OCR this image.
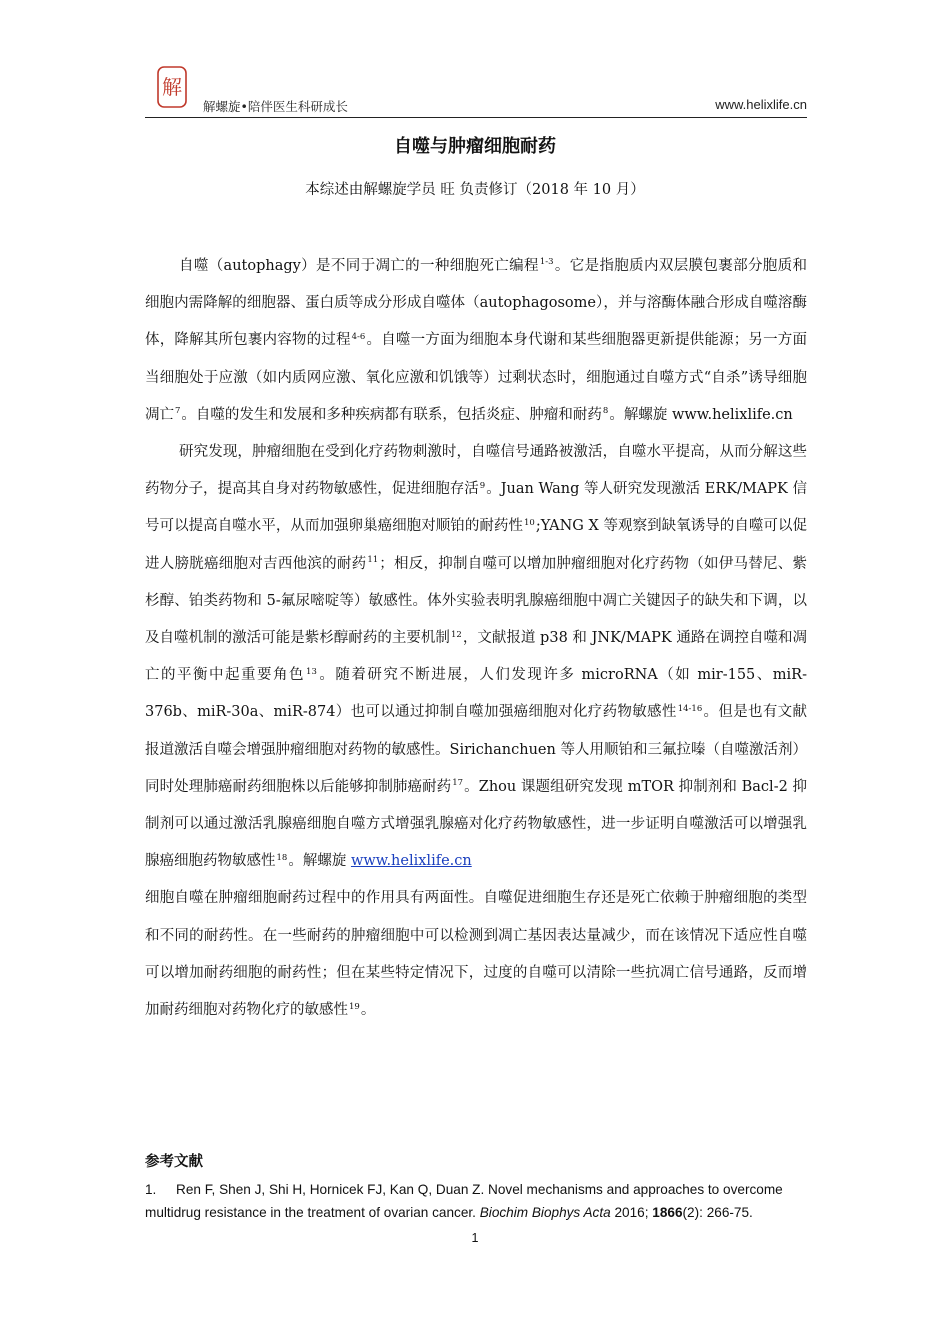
解
解螺旋•陪伴医生科研成长	www.helixlife.cn
自噬与肿瘤细胞耐药
本综述由解螺旋学员 旺 负责修订（2018 年 10 月）

自噬（autophagy）是不同于凋亡的一种细胞死亡编程$^{1-3}$。它是指胞质内双层膜包裹部分胞质和细胞内需降解的细胞器、蛋白质等成分形成自噬体（autophagosome），并与溶酶体融合形成自噬溶酶体，降解其所包裹内容物的过程$^{4-6}$。自噬一方面为细胞本身代谢和某些细胞器更新提供能源；另一方面当细胞处于应激（如内质网应激、氧化应激和饥饿等）过剩状态时，细胞通过自噬方式“自杀”诱导细胞凋亡$^7$。自噬的发生和发展和多种疾病都有联系，包括炎症、肿瘤和耐药$^8$。解螺旋 www.helixlife.cn

研究发现，肿瘤细胞在受到化疗药物刺激时，自噬信号通路被激活，自噬水平提高，从而分解这些药物分子，提高其自身对药物敏感性，促进细胞存活$^9$。Juan Wang 等人研究发现激活 ERK/MAPK 信号可以提高自噬水平，从而加强卵巢癌细胞对顺铂的耐药性$^{10}$;YANG X 等观察到缺氧诱导的自噬可以促进人膀胱癌细胞对吉西他滨的耐药$^{11}$；相反，抑制自噬可以增加肿瘤细胞对化疗药物（如伊马替尼、紫杉醇、铂类药物和 5-氟尿嘧啶等）敏感性。体外实验表明乳腺癌细胞中凋亡关键因子的缺失和下调，以及自噬机制的激活可能是紫杉醇耐药的主要机制$^{12}$，文献报道 p38 和 JNK/MAPK 通路在调控自噬和凋亡的平衡中起重要角色$^{13}$。随着研究不断进展，人们发现许多 microRNA（如 mir-155、miR-376b、miR-30a、miR-874）也可以通过抑制自噬加强癌细胞对化疗药物敏感性$^{14-16}$。但是也有文献报道激活自噬会增强肿瘤细胞对药物的敏感性。Sirichanchuen 等人用顺铂和三氟拉嗪（自噬激活剂）同时处理肺癌耐药细胞株以后能够抑制肺癌耐药$^{17}$。Zhou 课题组研究发现 mTOR 抑制剂和 Bacl-2 抑制剂可以通过激活乳腺癌细胞自噬方式增强乳腺癌对化疗药物敏感性，进一步证明自噬激活可以增强乳腺癌细胞药物敏感性$^{18}$。解螺旋 www.helixlife.cn

细胞自噬在肿瘤细胞耐药过程中的作用具有两面性。自噬促进细胞生存还是死亡依赖于肿瘤细胞的类型和不同的耐药性。在一些耐药的肿瘤细胞中可以检测到凋亡基因表达量减少，而在该情况下适应性自噬可以增加耐药细胞的耐药性；但在某些特定情况下，过度的自噬可以清除一些抗凋亡信号通路，反而增加耐药细胞对药物化疗的敏感性$^{19}$。

参考文献
1. Ren F, Shen J, Shi H, Hornicek FJ, Kan Q, Duan Z. Novel mechanisms and approaches to overcome multidrug resistance in the treatment of ovarian cancer. Biochim Biophys Acta 2016; 1866(2): 266-75.
1
